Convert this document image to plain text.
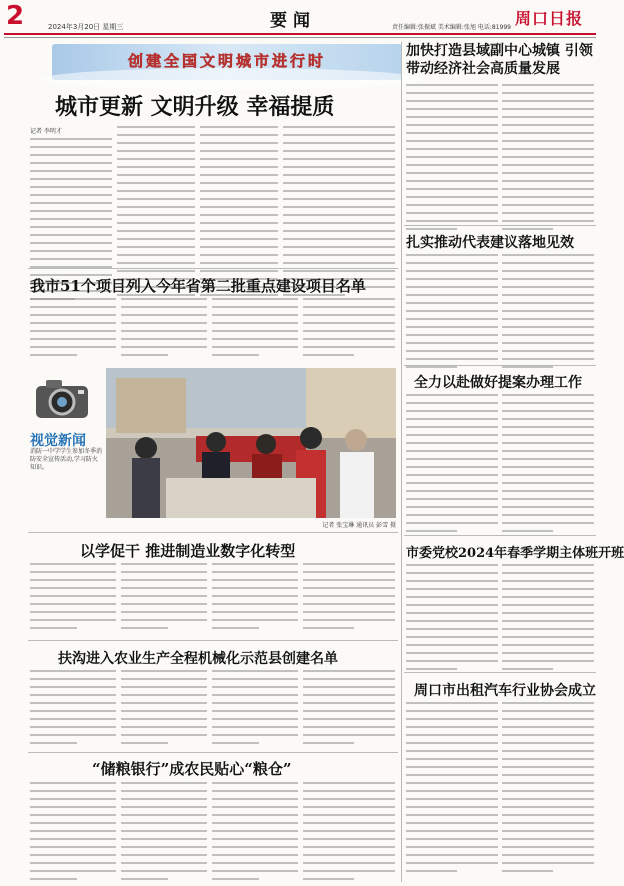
2	2024年3月20日 星期三	要闻	责任编辑:张振斌 美术编辑:张旭 电话:81999 周口日报
创建全国文明城市进行时
城市更新 文明升级 幸福提质
记者 李明才
加快打造县域副中心城镇 引领带动经济社会高质量发展
扎实推动代表建议落地见效
全力以赴做好提案办理工作
市委党校2024年春季学期主体班开班
周口市出租汽车行业协会成立
我市51个项目列入今年省第二批重点建设项目名单
视觉新闻
消防一中学学生参加冬季消防安全宣传活动,学习防火知识。
记者 张宝琳 通讯员 彭雪 摄
以学促干 推进制造业数字化转型
扶沟进入农业生产全程机械化示范县创建名单
“储粮银行”成农民贴心“粮仓”
